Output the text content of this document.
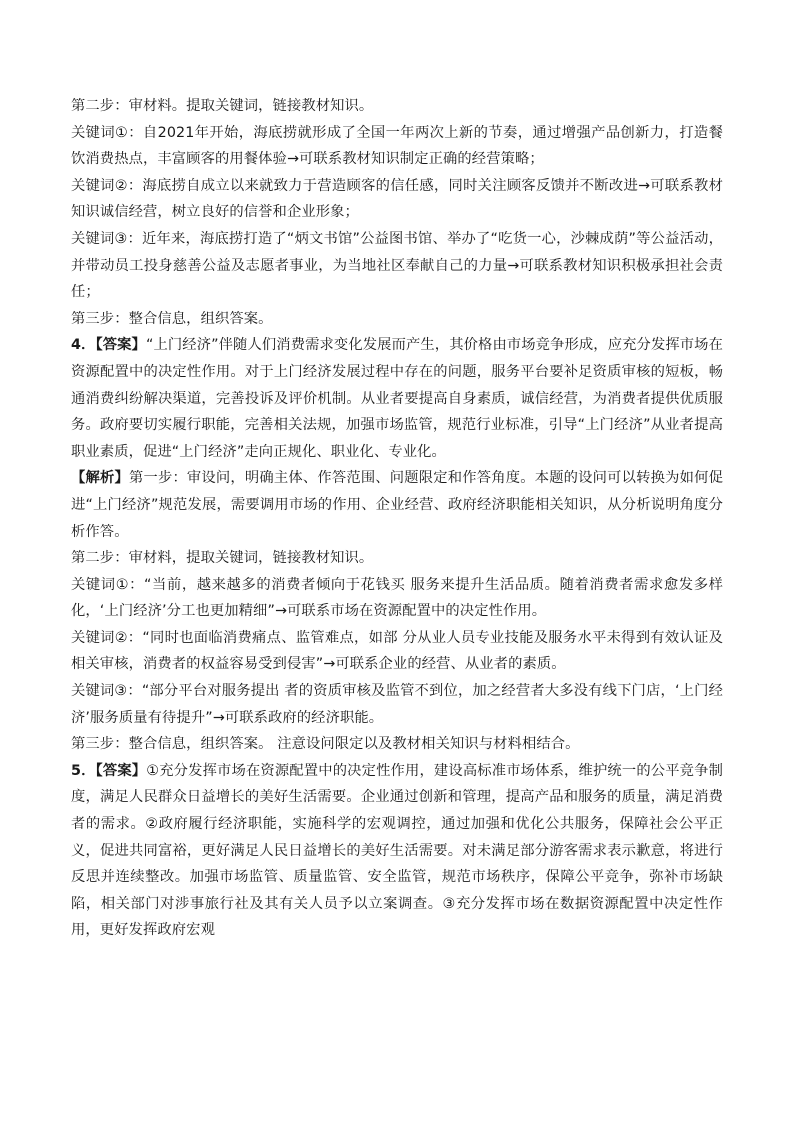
第二步：审材料。提取关键词，链接教材知识。

关键词①：自2021年开始，海底捞就形成了全国一年两次上新的节奏，通过增强产品创新力，打造餐饮消费热点，丰富顾客的用餐体验→可联系教材知识制定正确的经营策略；

关键词②：海底捞自成立以来就致力于营造顾客的信任感，同时关注顾客反馈并不断改进→可联系教材知识诚信经营，树立良好的信誉和企业形象；

关键词③：近年来，海底捞打造了“炳文书馆”公益图书馆、举办了“吃货一心，沙棘成荫”等公益活动，并带动员工投身慈善公益及志愿者事业，为当地社区奉献自己的力量→可联系教材知识积极承担社会责任；

第三步：整合信息，组织答案。

4．【答案】“上门经济”伴随人们消费需求变化发展而产生，其价格由市场竞争形成，应充分发挥市场在资源配置中的决定性作用。对于上门经济发展过程中存在的问题，服务平台要补足资质审核的短板，畅通消费纠纷解决渠道，完善投诉及评价机制。从业者要提高自身素质，诚信经营，为消费者提供优质服务。政府要切实履行职能，完善相关法规，加强市场监管，规范行业标准，引导“上门经济”从业者提高职业素质，促进“上门经济”走向正规化、职业化、专业化。

【解析】第一步：审设问，明确主体、作答范围、问题限定和作答角度。本题的设问可以转换为如何促进“上门经济”规范发展，需要调用市场的作用、企业经营、政府经济职能相关知识，从分析说明角度分析作答。

第二步：审材料，提取关键词，链接教材知识。

关键词①：“当前，越来越多的消费者倾向于花钱买 服务来提升生活品质。随着消费者需求愈发多样化，‘上门经济’分工也更加精细”→可联系市场在资源配置中的决定性作用。

关键词②：“同时也面临消费痛点、监管难点，如部 分从业人员专业技能及服务水平未得到有效认证及相关审核，消费者的权益容易受到侵害”→可联系企业的经营、从业者的素质。

关键词③：“部分平台对服务提出 者的资质审核及监管不到位，加之经营者大多没有线下门店，‘上门经济’服务质量有待提升”→可联系政府的经济职能。

第三步：整合信息，组织答案。 注意设问限定以及教材相关知识与材料相结合。

5．【答案】①充分发挥市场在资源配置中的决定性作用，建设高标准市场体系，维护统一的公平竞争制度，满足人民群众日益增长的美好生活需要。企业通过创新和管理，提高产品和服务的质量，满足消费者的需求。②政府履行经济职能，实施科学的宏观调控，通过加强和优化公共服务，保障社会公平正义，促进共同富裕，更好满足人民日益增长的美好生活需要。对未满足部分游客需求表示歉意，将进行反思并连续整改。加强市场监管、质量监管、安全监管，规范市场秩序，保障公平竞争，弥补市场缺陷，相关部门对涉事旅行社及其有关人员予以立案调查。③充分发挥市场在数据资源配置中决定性作用，更好发挥政府宏观
